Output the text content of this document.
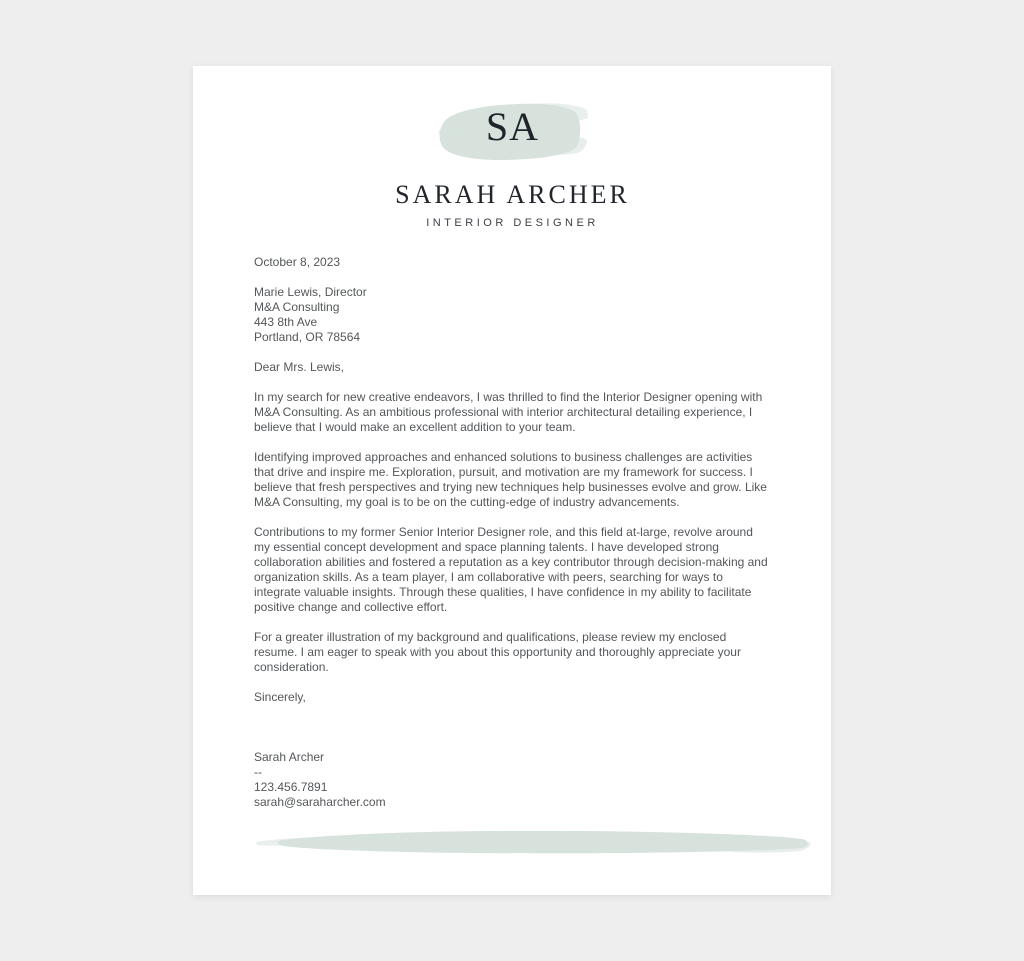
SA
SARAH ARCHER
INTERIOR DESIGNER

October 8, 2023

Marie Lewis, Director
M&A Consulting
443 8th Ave
Portland, OR 78564

Dear Mrs. Lewis,

In my search for new creative endeavors, I was thrilled to find the Interior Designer opening with M&A Consulting. As an ambitious professional with interior architectural detailing experience, I believe that I would make an excellent addition to your team.

Identifying improved approaches and enhanced solutions to business challenges are activities that drive and inspire me. Exploration, pursuit, and motivation are my framework for success. I believe that fresh perspectives and trying new techniques help businesses evolve and grow. Like M&A Consulting, my goal is to be on the cutting-edge of industry advancements.

Contributions to my former Senior Interior Designer role, and this field at-large, revolve around my essential concept development and space planning talents. I have developed strong collaboration abilities and fostered a reputation as a key contributor through decision-making and organization skills. As a team player, I am collaborative with peers, searching for ways to integrate valuable insights. Through these qualities, I have confidence in my ability to facilitate positive change and collective effort.

For a greater illustration of my background and qualifications, please review my enclosed resume. I am eager to speak with you about this opportunity and thoroughly appreciate your consideration.

Sincerely,

Sarah Archer
--
123.456.7891
sarah@saraharcher.com
